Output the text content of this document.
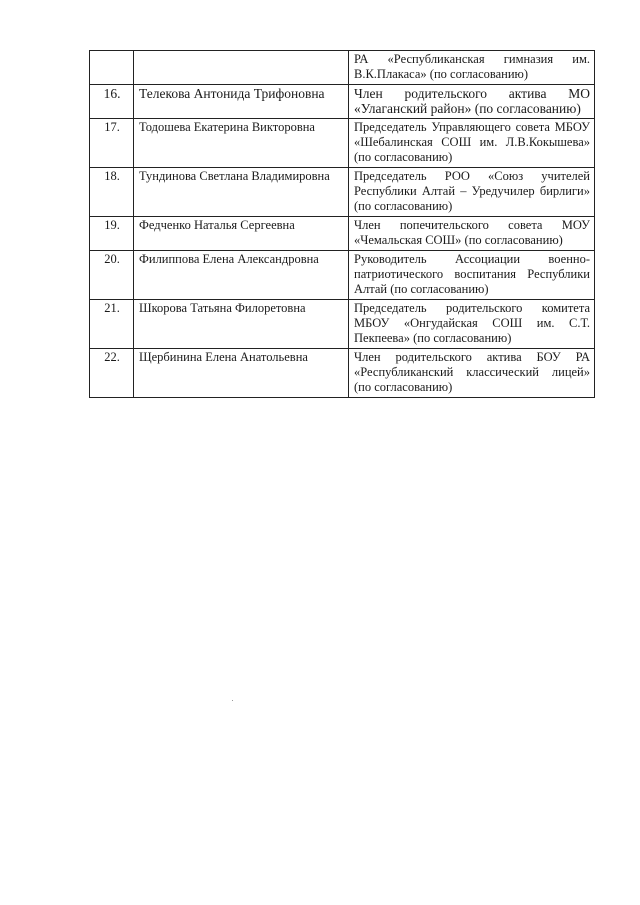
		РА «Республиканская гимназия им. В.К.Плакаса» (по согласованию)
16.	Телекова Антонида Трифоновна	Член родительского актива МО «Улаганский район» (по согласованию)
17.	Тодошева Екатерина Викторовна	Председатель Управляющего совета МБОУ «Шебалинская СОШ им. Л.В.Кокышева» (по согласованию)
18.	Тундинова Светлана Владимировна	Председатель РОО «Союз учителей Республики Алтай – Уредучилер бирлиги» (по согласованию)
19.	Федченко Наталья Сергеевна	Член попечительского совета МОУ «Чемальская СОШ» (по согласованию)
20.	Филиппова Елена Александровна	Руководитель Ассоциации военно-патриотического воспитания Республики Алтай (по согласованию)
21.	Шкорова Татьяна Филоретовна	Председатель родительского комитета МБОУ «Онгудайская СОШ им. С.Т. Пекпеева» (по согласованию)
22.	Щербинина Елена Анатольевна	Член родительского актива БОУ РА «Республиканский классический лицей» (по согласованию)
